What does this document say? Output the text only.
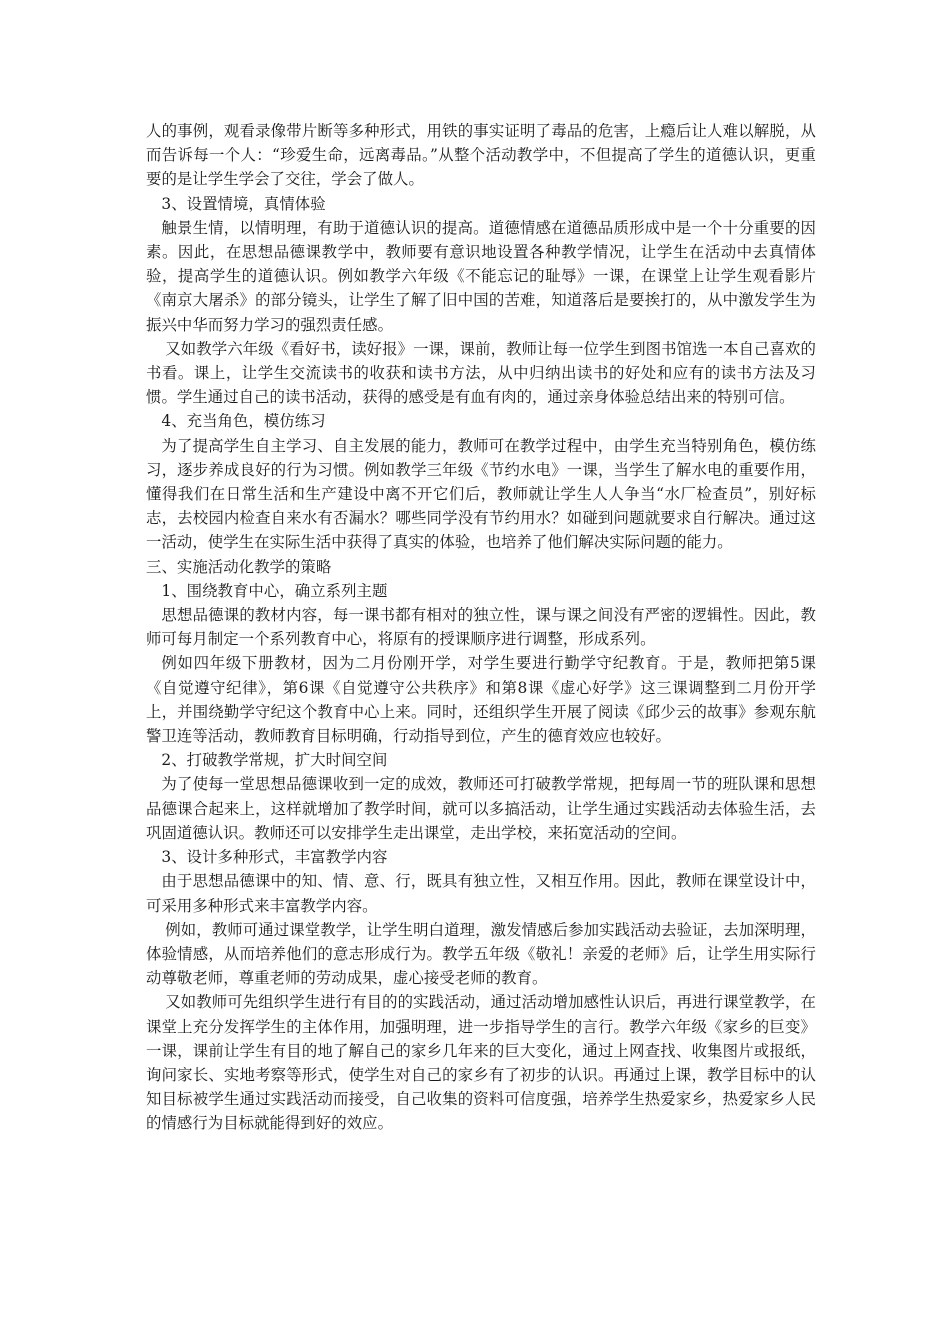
人的事例，观看录像带片断等多种形式，用铁的事实证明了毒品的危害，上瘾后让人难以解脱，从而告诉每一个人：“珍爱生命，远离毒品。”从整个活动教学中，不但提高了学生的道德认识，更重要的是让学生学会了交往，学会了做人。

3、设置情境，真情体验

触景生情，以情明理，有助于道德认识的提高。道德情感在道德品质形成中是一个十分重要的因素。因此，在思想品德课教学中，教师要有意识地设置各种教学情况，让学生在活动中去真情体验，提高学生的道德认识。例如教学六年级《不能忘记的耻辱》一课，在课堂上让学生观看影片《南京大屠杀》的部分镜头，让学生了解了旧中国的苦难，知道落后是要挨打的，从中激发学生为振兴中华而努力学习的强烈责任感。

又如教学六年级《看好书，读好报》一课，课前，教师让每一位学生到图书馆选一本自己喜欢的书看。课上，让学生交流读书的收获和读书方法，从中归纳出读书的好处和应有的读书方法及习惯。学生通过自己的读书活动，获得的感受是有血有肉的，通过亲身体验总结出来的特别可信。

4、充当角色，模仿练习

为了提高学生自主学习、自主发展的能力，教师可在教学过程中，由学生充当特别角色，模仿练习，逐步养成良好的行为习惯。例如教学三年级《节约水电》一课，当学生了解水电的重要作用，懂得我们在日常生活和生产建设中离不开它们后，教师就让学生人人争当“水厂检查员”，别好标志，去校园内检查自来水有否漏水？哪些同学没有节约用水？如碰到问题就要求自行解决。通过这一活动，使学生在实际生活中获得了真实的体验，也培养了他们解决实际问题的能力。

三、实施活动化教学的策略

1、围绕教育中心，确立系列主题

思想品德课的教材内容，每一课书都有相对的独立性，课与课之间没有严密的逻辑性。因此，教师可每月制定一个系列教育中心，将原有的授课顺序进行调整，形成系列。

例如四年级下册教材，因为二月份刚开学，对学生要进行勤学守纪教育。于是，教师把第5课《自觉遵守纪律》，第6课《自觉遵守公共秩序》和第8课《虚心好学》这三课调整到二月份开学上，并围绕勤学守纪这个教育中心上来。同时，还组织学生开展了阅读《邱少云的故事》参观东航警卫连等活动，教师教育目标明确，行动指导到位，产生的德育效应也较好。

2、打破教学常规，扩大时间空间

为了使每一堂思想品德课收到一定的成效，教师还可打破教学常规，把每周一节的班队课和思想品德课合起来上，这样就增加了教学时间，就可以多搞活动，让学生通过实践活动去体验生活，去巩固道德认识。教师还可以安排学生走出课堂，走出学校，来拓宽活动的空间。

3、设计多种形式，丰富教学内容

由于思想品德课中的知、情、意、行，既具有独立性，又相互作用。因此，教师在课堂设计中，可采用多种形式来丰富教学内容。

例如，教师可通过课堂教学，让学生明白道理，激发情感后参加实践活动去验证，去加深明理，体验情感，从而培养他们的意志形成行为。教学五年级《敬礼！亲爱的老师》后，让学生用实际行动尊敬老师，尊重老师的劳动成果，虚心接受老师的教育。

又如教师可先组织学生进行有目的的实践活动，通过活动增加感性认识后，再进行课堂教学，在课堂上充分发挥学生的主体作用，加强明理，进一步指导学生的言行。教学六年级《家乡的巨变》一课，课前让学生有目的地了解自己的家乡几年来的巨大变化，通过上网查找、收集图片或报纸，询问家长、实地考察等形式，使学生对自己的家乡有了初步的认识。再通过上课，教学目标中的认知目标被学生通过实践活动而接受，自己收集的资料可信度强，培养学生热爱家乡，热爱家乡人民的情感行为目标就能得到好的效应。
